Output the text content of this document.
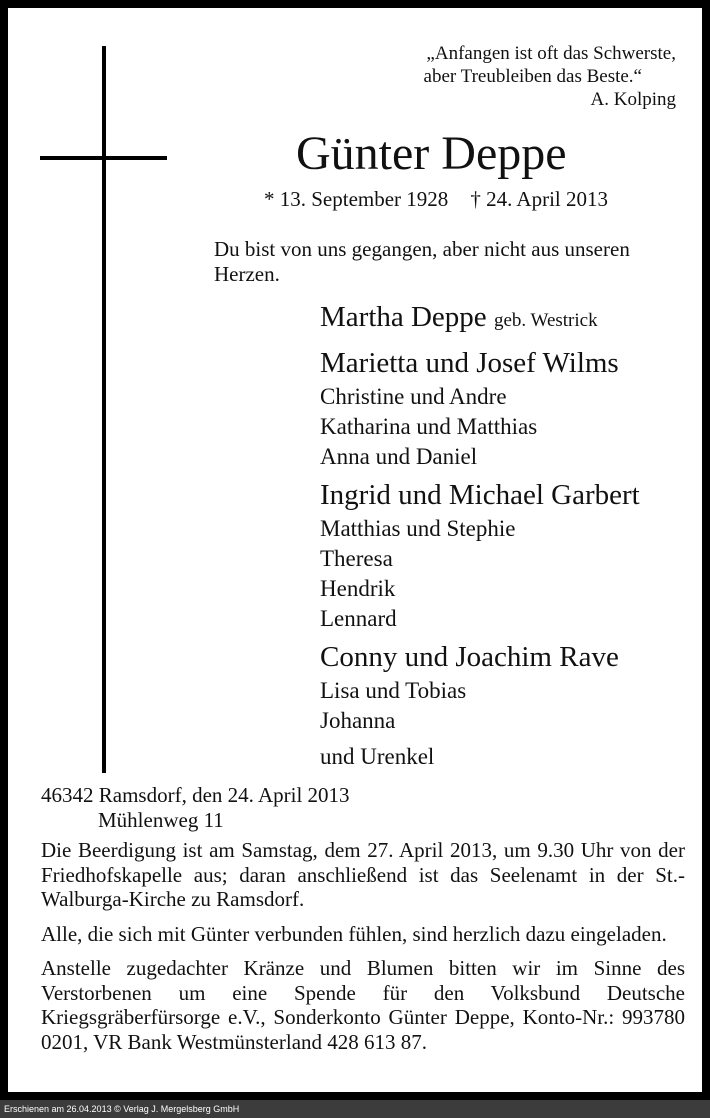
„Anfangen ist oft das Schwerste,
aber Treubleiben das Beste.“
A. Kolping
Günter Deppe
* 13. September 1928 † 24. April 2013
Du bist von uns gegangen, aber nicht aus unseren Herzen.
Martha Deppe geb. Westrick
Marietta und Josef Wilms
Christine und Andre
Katharina und Matthias
Anna und Daniel
Ingrid und Michael Garbert
Matthias und Stephie
Theresa
Hendrik
Lennard
Conny und Joachim Rave
Lisa und Tobias
Johanna
und Urenkel
46342 Ramsdorf, den 24. April 2013
Mühlenweg 11

Die Beerdigung ist am Samstag, dem 27. April 2013, um 9.30 Uhr von der Friedhofskapelle aus; daran anschließend ist das Seelenamt in der St.-Walburga-Kirche zu Ramsdorf.

Alle, die sich mit Günter verbunden fühlen, sind herzlich dazu eingeladen.

Anstelle zugedachter Kränze und Blumen bitten wir im Sinne des Verstorbenen um eine Spende für den Volksbund Deutsche Kriegsgräberfürsorge e.V., Sonderkonto Günter Deppe, Konto-Nr.: 993780 0201, VR Bank Westmünsterland 428 613 87.

Erschienen am 26.04.2013 © Verlag J. Mergelsberg GmbH
